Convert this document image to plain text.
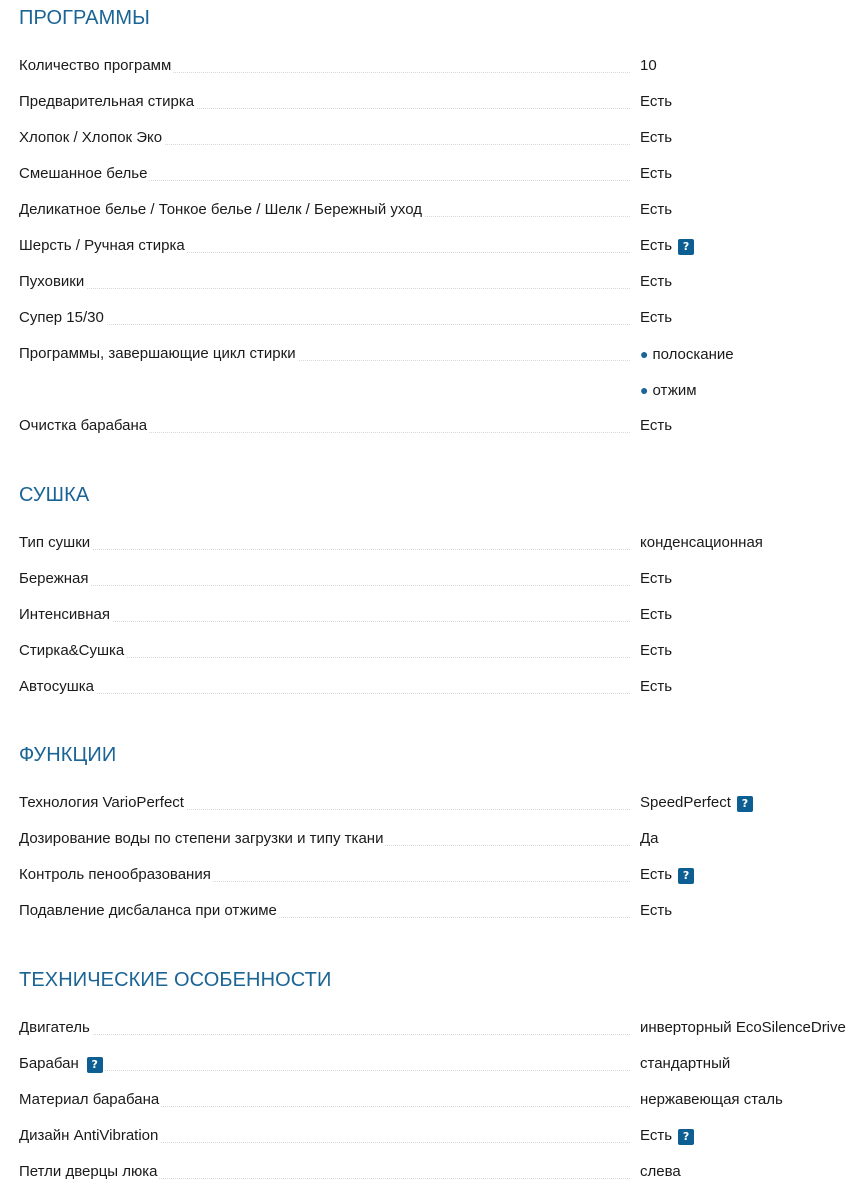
ПРОГРАММЫ
Количество программ	10
Предварительная стирка	Есть
Хлопок / Хлопок Эко	Есть
Смешанное белье	Есть
Деликатное белье / Тонкое белье / Шелк / Бережный уход	Есть
Шерсть / Ручная стирка	Есть ?
Пуховики	Есть
Супер 15/30	Есть
Программы, завершающие цикл стирки	● полоскание
● отжим
Очистка барабана	Есть
СУШКА
Тип сушки	конденсационная
Бережная	Есть
Интенсивная	Есть
Стирка&Сушка	Есть
Автосушка	Есть
ФУНКЦИИ
Технология VarioPerfect	SpeedPerfect ?
Дозирование воды по степени загрузки и типу ткани	Да
Контроль пенообразования	Есть ?
Подавление дисбаланса при отжиме	Есть
ТЕХНИЧЕСКИЕ ОСОБЕННОСТИ
Двигатель	инверторный EcoSilenceDrive
Барабан ?	стандартный
Материал барабана	нержавеющая сталь
Дизайн AntiVibration	Есть ?
Петли дверцы люка	слева
